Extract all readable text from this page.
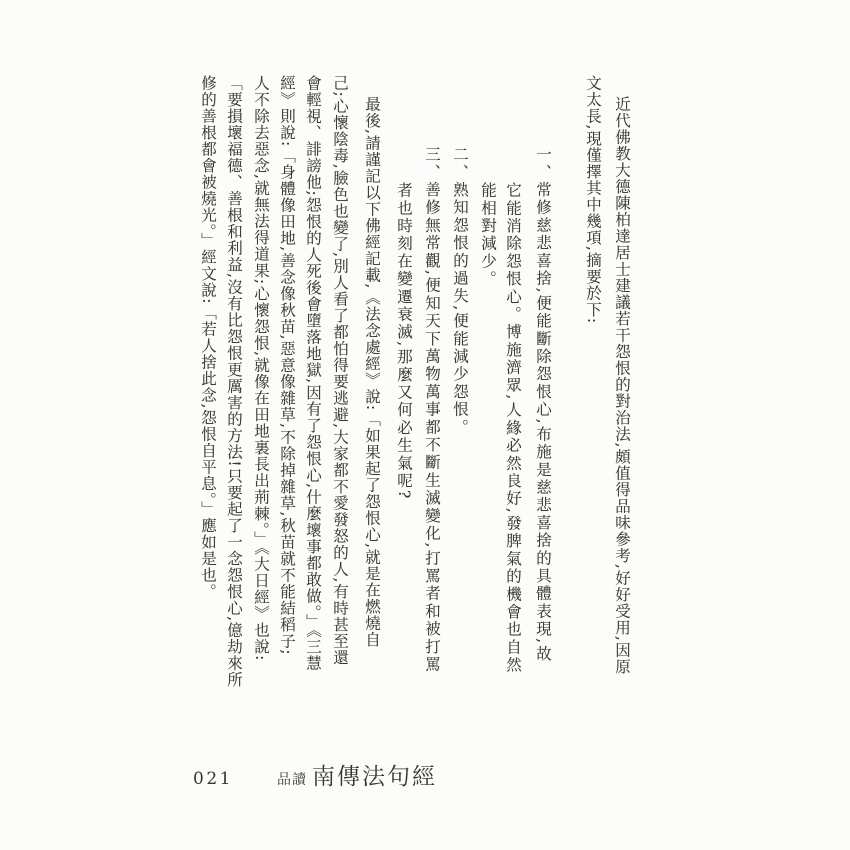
近代佛教大德陳柏達居士建議若干怨恨的對治法,頗值得品味參考,好好受用,因原
文太長,現僅擇其中幾項,摘要於下:
一、常修慈悲喜捨,便能斷除怨恨心,布施是慈悲喜捨的具體表現,故
它能消除怨恨心。博施濟眾,人緣必然良好,發脾氣的機會也自然
能相對減少。
二、熟知怨恨的過失,便能減少怨恨。
三、善修無常觀,便知天下萬物萬事都不斷生滅變化,打罵者和被打罵
者也時刻在變遷衰滅,那麼又何必生氣呢?
最後,請謹記以下佛經記載,《法念處經》說:「如果起了怨恨心,就是在燃燒自
己;心懷陰毒,臉色也變了,別人看了都怕得要逃避,大家都不愛發怒的人,有時甚至還
會輕視、誹謗他;怨恨的人死後會墮落地獄,因有了怨恨心,什麼壞事都敢做。」《三慧
經》則說:「身體像田地,善念像秋苗,惡意像雜草,不除掉雜草,秋苗就不能結稻子;
人不除去惡念,就無法得道果;心懷怨恨,就像在田地裏長出荊棘。」《大日經》也說:
「要損壞福德、善根和利益,沒有比怨恨更厲害的方法!只要起了一念怨恨心,億劫來所
修的善根都會被燒光。」經文說:「若人捨此念,怨恨自平息。」應如是也。
021	品讀 南傳法句經
